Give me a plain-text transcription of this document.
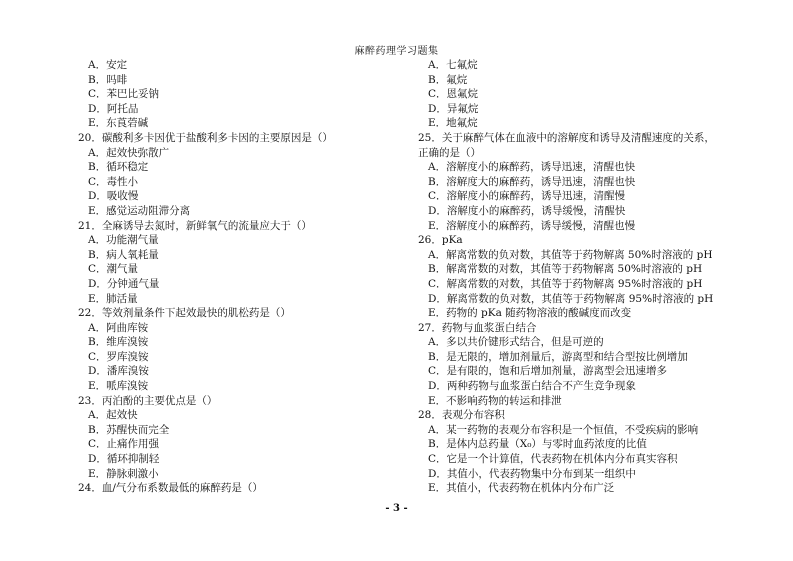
麻醉药理学习题集

A．安定

B．吗啡

C．苯巴比妥钠

D．阿托品

E．东莨菪碱

20．碳酸利多卡因优于盐酸利多卡因的主要原因是（）

A．起效快弥散广

B．循环稳定

C．毒性小

D．吸收慢

E．感觉运动阻滞分离

21．全麻诱导去氮时，新鲜氧气的流量应大于（）

A．功能潮气量

B．病人氧耗量

C．潮气量

D．分钟通气量

E．肺活量

22．等效剂量条件下起效最快的肌松药是（）

A．阿曲库铵

B．维库溴铵

C．罗库溴铵

D．潘库溴铵

E．哌库溴铵

23．丙泊酚的主要优点是（）

A．起效快

B．苏醒快而完全

C．止痛作用强

D．循环抑制轻

E．静脉刺激小

24．血/气分布系数最低的麻醉药是（）

A．七氟烷

B．氟烷

C．恩氟烷

D．异氟烷

E．地氟烷

25．关于麻醉气体在血液中的溶解度和诱导及清醒速度的关系，正确的是（）

A．溶解度小的麻醉药，诱导迅速，清醒也快

B．溶解度大的麻醉药，诱导迅速，清醒也快

C．溶解度小的麻醉药，诱导迅速，清醒慢

D．溶解度小的麻醉药，诱导缓慢，清醒快

E．溶解度小的麻醉药，诱导缓慢，清醒也慢

26．pKa

A．解离常数的负对数，其值等于药物解离 50%时溶液的 pH

B．解离常数的对数，其值等于药物解离 50%时溶液的 pH

C．解离常数的对数，其值等于药物解离 95%时溶液的 pH

D．解离常数的负对数，其值等于药物解离 95%时溶液的 pH

E．药物的 pKa 随药物溶液的酸碱度而改变

27．药物与血浆蛋白结合

A．多以共价键形式结合，但是可逆的

B．是无限的，增加剂量后，游离型和结合型按比例增加

C．是有限的，饱和后增加剂量，游离型会迅速增多

D．两种药物与血浆蛋白结合不产生竞争现象

E．不影响药物的转运和排泄

28．表观分布容积

A．某一药物的表观分布容积是一个恒值，不受疾病的影响

B．是体内总药量（X₀）与零时血药浓度的比值

C．它是一个计算值，代表药物在机体内分布真实容积

D．其值小，代表药物集中分布到某一组织中

E．其值小，代表药物在机体内分布广泛

- 3 -
